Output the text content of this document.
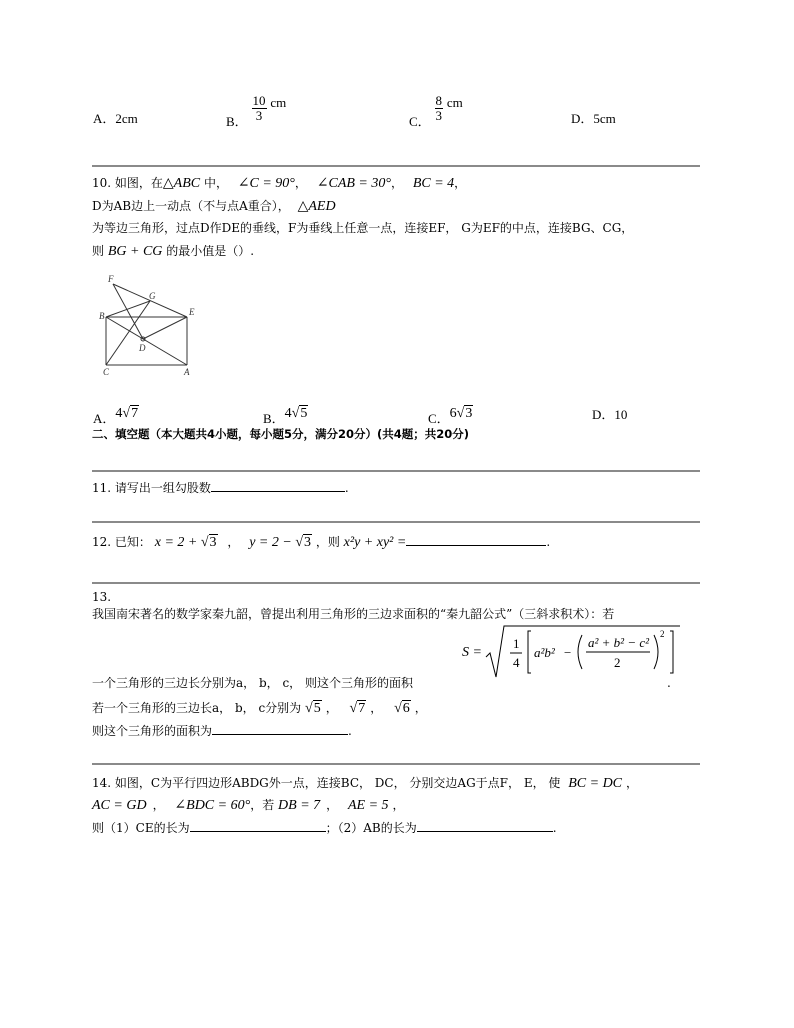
A．2cm	B． $\frac{10}{3}$ cm
C． $\frac{8}{3}$ cm
D．5cm
10. 如图，在△ABC 中， ∠C = 90°， ∠CAB = 30°， BC = 4，
D为AB边上一动点（不与点A重合）， △AED
为等边三角形，过点D作DE的垂线，F为垂线上任意一点，连接EF， G为EF的中点，连接BG、CG，
则 BG + CG 的最小值是（）.
F
G
B	E
D
C	A
A．4√7	B．4√5	C．6√3	D．10
二、填空题（本大题共4小题，每小题5分，满分20分）(共4题；共20分)
11. 请写出一组勾股数	.
12. 已知： x = 2 + √3 ， y = 2 − √3 ，则 x²y + xy² =	.
13.
我国南宋著名的数学家秦九韶，曾提出利用三角形的三边求面积的“秦九韶公式”（三斜求积术）：若
S =
1
4
a²b² −
a² + b² − c²
2
2
一个三角形的三边长分别为a， b， c， 则这个三角形的面积	.
若一个三角形的三边长a， b， c分别为 √5 ， √7 ， √6 ，
则这个三角形的面积为	.
14. 如图，C为平行四边形ABDG外一点，连接BC， DC， 分别交边AG于点F， E， 使 BC = DC ，
AC = GD ， ∠BDC = 60°，若 DB = 7 ， AE = 5 ，
则（1）CE的长为	；（2）AB的长为	.
